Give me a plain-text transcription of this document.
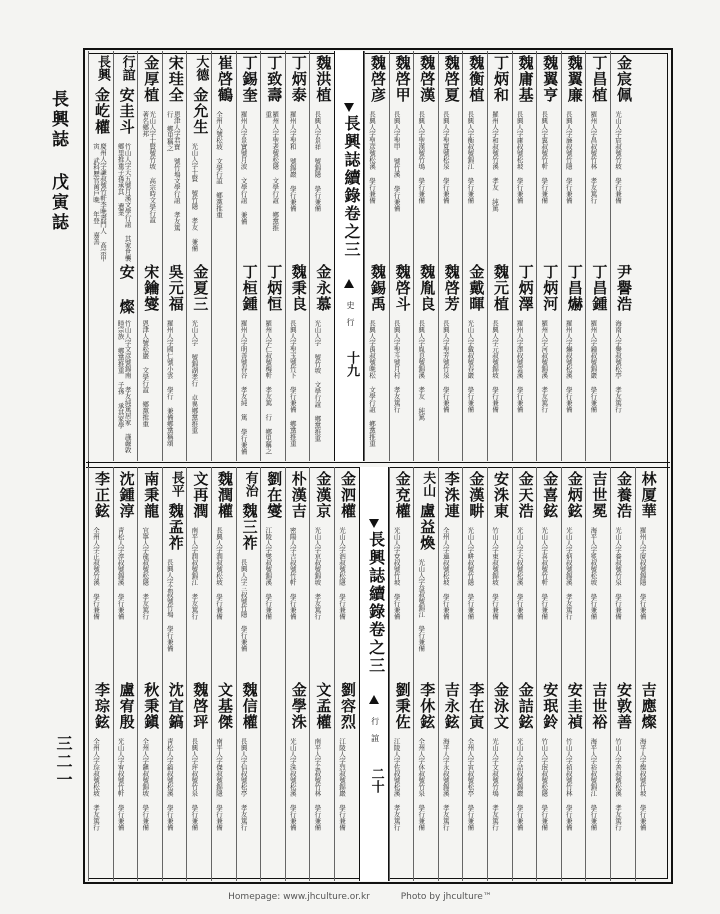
長興誌 戊寅誌
三二一
長興
金屹權
慶州人字謙叔號竹軒李晩壽門人 高宗甲寅 武科歷官萬戶晩 年登 嘉善
行誼
安圭斗
竹山人字天五號月溪文學行誼 其家世襲鄕里推重子孫承其 遺業
安 燦
竹山人字文彦號錦南 孝友純篤居家 謹嚴敦睦宗族 鄕黨推重 子孫 承其家學
金厚植
光山人字士賢號竹坡 高宗時文學行誼 著名鄕邦
宋鑰燮
恩津人號松巖 文學行誼 鄕黨推重
宋珪全
恩津人字君寶 號竹塢文學行誼 孝友篤行 鄕里稱之
吳元福
羅州人字國仁號小雲 學行 兼備鄕黨稱頌
大德
金允生
光山人字士賢 號竹隱 孝友 兼備
金夏三
光山人字 號錦湖孝行 卓異鄕黨推重
崔啓鶴
全州人號松坡 文學行誼 鄕黨推重
丁錫奎
羅州人字景實號月波 文學行誼 兼備
丁桓鍾
羅州人字明善號春谷 孝友純 篤 學行兼備
丁致壽
羅州人字聖老號松隱 文學行誼 鄕黨推重
丁炳恒
羅州人字仁叔號梅軒 孝友篤 行 鄕里稱之
丁炳泰
羅州人字聖和 號錦巖 學行兼備
魏秉良
長興人字聖玉號竹下 學行兼備 鄕黨推重
魏洪植
長興人字景祥 號錦隱 學行兼備
金永慕
光山人字 號竹坡 文學行誼 鄕黨推重
長興誌續錄卷之三
史 行
十九
魏啓彦
長興人字聖彦號松溪 學行兼備
魏錫禹
長興人字禹叔號晩松 文學行誼 鄕黨推重
魏啓甲
長興人字聖甲 號竹溪 學行兼備
魏啓斗
長興人字聖斗號月村 孝友篤行
魏啓漢
長興人字聖漢號竹塢 學行兼備
魏胤良
長興人字胤良號錦溪 孝友 純篤
魏啓夏
長興人字聖夏號松泉 學行兼備
魏啓芳
長興人字聖芳號竹泉 學行兼備
魏衡植
長興人字衡叔號錦江 學行兼備
金戴暉
光山人字戴叔號春巖 學行兼備
丁炳和
羅州人字和叔號竹溪 孝友 純篤
魏元植
長興人字元叔號錦坡 學行兼備
魏庸基
長興人字庸叔號松坡 學行兼備
丁炳澤
羅州人字澤叔號雲溪 學行兼備
魏翼亨
長興人字翼叔號竹軒 學行兼備
丁炳河
羅州人字河叔號錦溪 孝友篤行
魏翼廉
長興人字廉叔號竹隱 學行兼備
丁昌爀
羅州人字爀叔號松溪 學行兼備
丁昌植
羅州人字昌叔號竹林 孝友篤行
丁昌鍾
羅州人字鍾叔號錦巖 學行兼備
金宸佩
光山人字宸叔號竹坡 學行兼備
尹譽浩
海南人字譽叔號松亭 孝友篤行
李正鉉
全州人字正叔號竹溪 學行兼備
李琮鉉
全州人字琮叔號松坡 孝友篤行
沈鍾淳
靑松人字淳叔號錦溪 學行兼備
盧宥殷
光山人字宥叔號竹軒 學行兼備
南秉龍
宜寧人字龍叔號松隱 孝友篤行
秋秉鎭
全州人字鎭叔號錦坡 學行兼備
長平
魏孟祚
長興人字孟叔號竹塢 學行兼備
沈宜鎬
靑松人字鎬叔號松溪 學行兼備
文再潤
南平人字潤叔號錦江 孝友篤行
魏啓玶
長興人字玶叔號竹泉 學行兼備
魏潤權
長興人字潤叔號松坡 學行兼備
文基傑
南平人字傑叔號錦隱 學行兼備
有治
魏三祚
長興人字三叔號竹隱 學行兼備
魏信權
長興人字信叔號松亭 孝友篤行
劉在燮
江陵人字燮叔號錦溪 學行兼備
朴漢吉
密陽人字吉叔號竹軒 學行兼備
金學洙
光山人字洙叔號松溪 學行兼備
金漢京
光山人字京叔號錦坡 孝友篤行
文孟權
南平人字孟叔號竹林 學行兼備
金泗權
光山人字泗叔號松隱 學行兼備
劉容烈
江陵人字烈叔號錦巖 學行兼備
長興誌續錄卷之三
行 誼
二十
金兗權
光山人字兗叔號竹坡 學行兼備
劉秉佐
江陵人字佐叔號松溪 孝友篤行
夫山
盧益煥
光山人字益叔號錦江 學行兼備
李休鉉
全州人字休叔號竹泉 學行兼備
李洙連
全州人字連叔號松坡 學行兼備
吉永鉉
海平人字永叔號錦溪 孝友篤行
金漢畊
光山人字畊叔號竹隱 學行兼備
李在寅
全州人字寅叔號松亭 學行兼備
安洙東
竹山人字東叔號錦坡 學行兼備
金泳文
光山人字文叔號竹塢 孝友篤行
金天浩
光山人字天叔號松溪 學行兼備
金詰鉉
光山人字詰叔號錦巖 學行兼備
金喜鉉
光山人字喜叔號竹軒 學行兼備
安珉鈴
竹山人字珉叔號松隱 學行兼備
金炳鉉
光山人字炳叔號錦溪 孝友篤行
安圭禎
竹山人字禎叔號竹林 學行兼備
吉世冕
海平人字冕叔號松坡 學行兼備
吉世裕
海平人字裕叔號錦江 學行兼備
金養浩
光山人字養叔號竹泉 學行兼備
安敦善
竹山人字善叔號松溪 孝友篤行
林厦華
羅州人字厦叔號錦隱 學行兼備
吉應燦
海平人字燦叔號竹坡 學行兼備
Homepage: www.jhculture.or.kr	Photo by jhculture™
